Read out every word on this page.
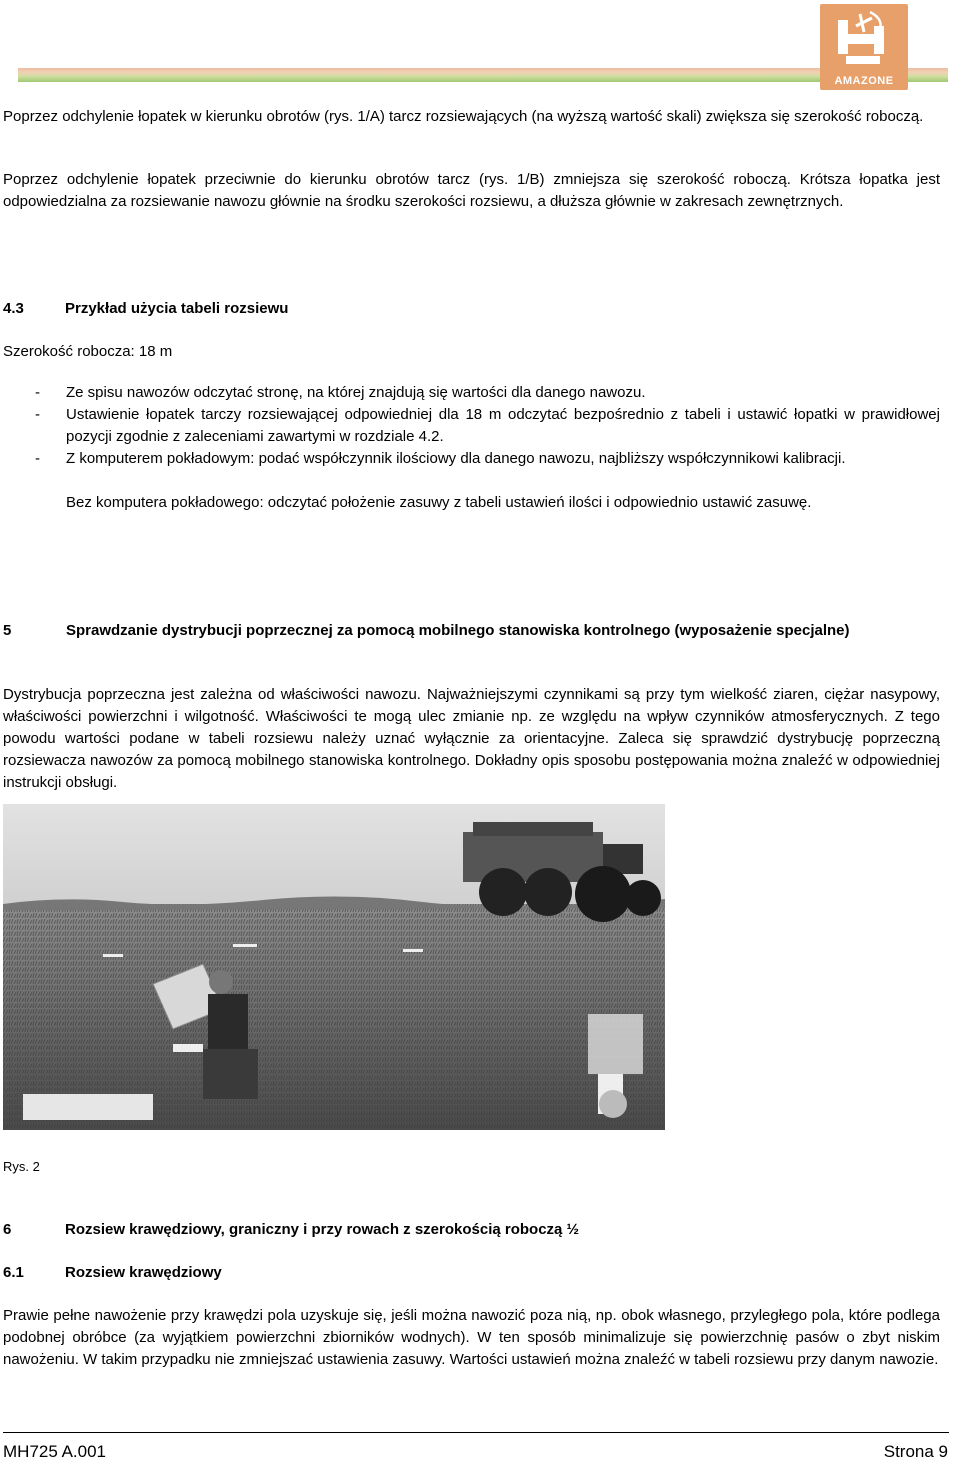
AMAZONE
Poprzez odchylenie łopatek w kierunku obrotów (rys. 1/A) tarcz rozsiewających (na wyższą wartość skali) zwiększa się szerokość roboczą.
Poprzez odchylenie łopatek przeciwnie do kierunku obrotów tarcz (rys. 1/B) zmniejsza się szerokość roboczą. Krótsza łopatka jest odpowiedzialna za rozsiewanie nawozu głównie na środku szerokości rozsiewu, a dłuższa głównie w zakresach zewnętrznych.
4.3	Przykład użycia tabeli rozsiewu
Szerokość robocza: 18 m
- Ze spisu nawozów odczytać stronę, na której znajdują się wartości dla danego nawozu.
- Ustawienie łopatek tarczy rozsiewającej odpowiedniej dla 18 m odczytać bezpośrednio z tabeli i ustawić łopatki w prawidłowej pozycji zgodnie z zaleceniami zawartymi w rozdziale 4.2.
- Z komputerem pokładowym: podać współczynnik ilościowy dla danego nawozu, najbliższy współczynnikowi kalibracji.
Bez komputera pokładowego: odczytać położenie zasuwy z tabeli ustawień ilości i odpowiednio ustawić zasuwę.
5	Sprawdzanie dystrybucji poprzecznej za pomocą mobilnego stanowiska kontrolnego (wyposażenie specjalne)
Dystrybucja poprzeczna jest zależna od właściwości nawozu. Najważniejszymi czynnikami są przy tym wielkość ziaren, ciężar nasypowy, właściwości powierzchni i wilgotność. Właściwości te mogą ulec zmianie np. ze względu na wpływ czynników atmosferycznych. Z tego powodu wartości podane w tabeli rozsiewu należy uznać wyłącznie za orientacyjne. Zaleca się sprawdzić dystrybucję poprzeczną rozsiewacza nawozów za pomocą mobilnego stanowiska kontrolnego. Dokładny opis sposobu postępowania można znaleźć w odpowiedniej instrukcji obsługi.
Rys. 2
6	Rozsiew krawędziowy, graniczny i przy rowach z szerokością roboczą ½
6.1	Rozsiew krawędziowy
Prawie pełne nawożenie przy krawędzi pola uzyskuje się, jeśli można nawozić poza nią, np. obok własnego, przyległego pola, które podlega podobnej obróbce (za wyjątkiem powierzchni zbiorników wodnych). W ten sposób minimalizuje się powierzchnię pasów o zbyt niskim nawożeniu. W takim przypadku nie zmniejszać ustawienia zasuwy. Wartości ustawień można znaleźć w tabeli rozsiewu przy danym nawozie.
MH725 A.001	Strona 9
